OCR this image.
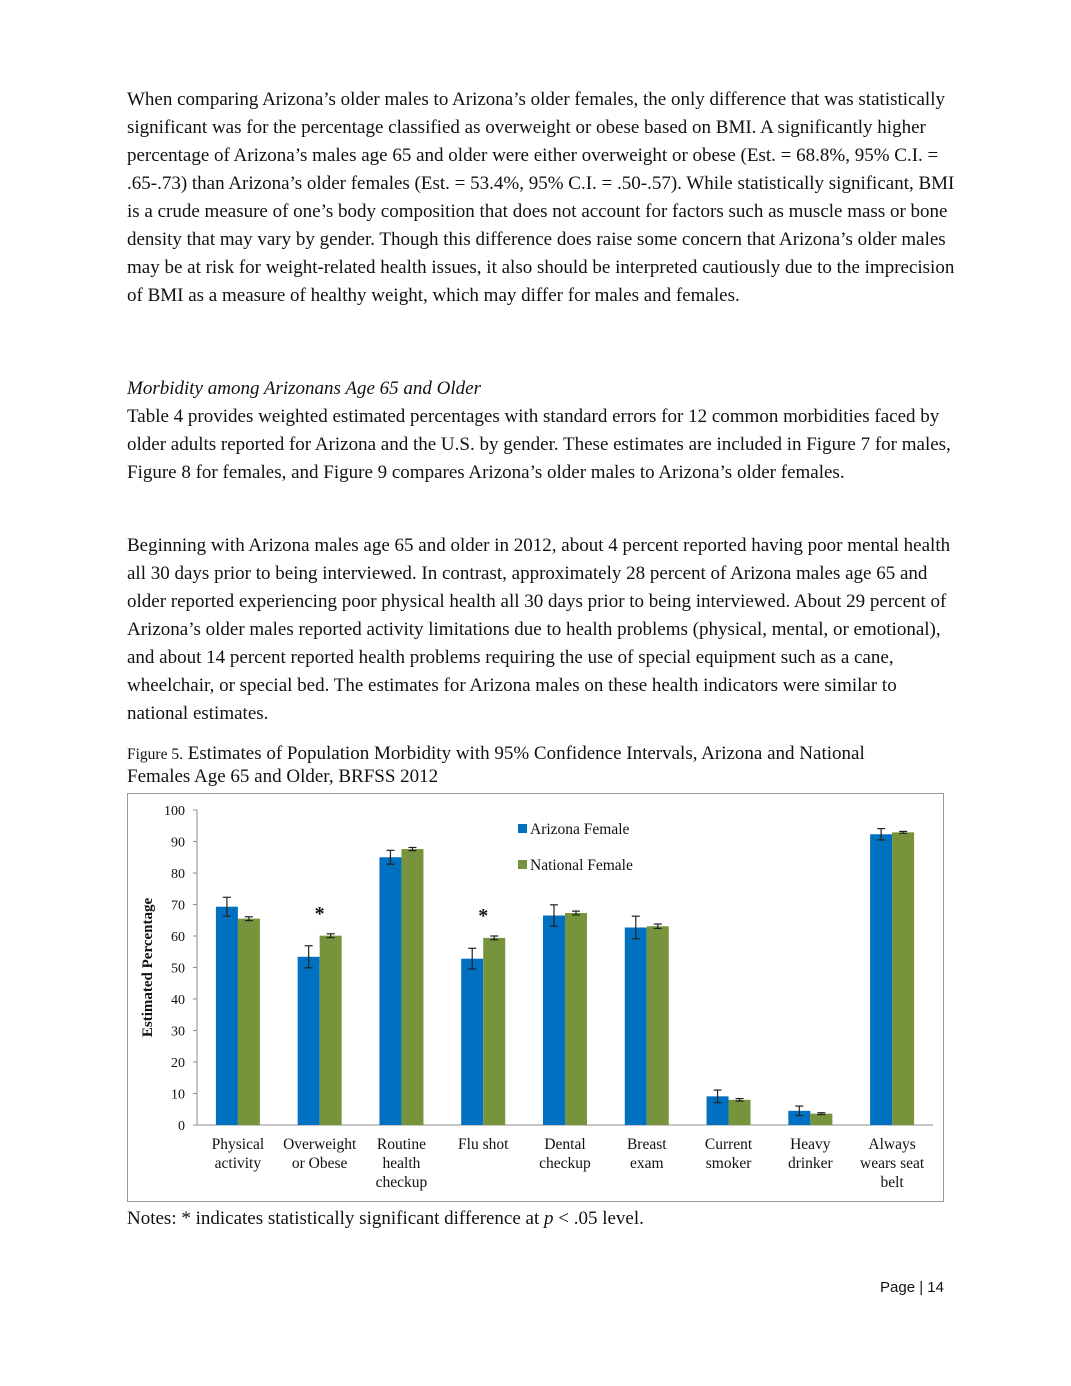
When comparing Arizona’s older males to Arizona’s older females, the only difference that was statistically significant was for the percentage classified as overweight or obese based on BMI. A significantly higher percentage of Arizona’s males age 65 and older were either overweight or obese (Est. = 68.8%, 95% C.I. = .65-.73) than Arizona’s older females (Est. = 53.4%, 95% C.I. = .50-.57). While statistically significant, BMI is a crude measure of one’s body composition that does not account for factors such as muscle mass or bone density that may vary by gender. Though this difference does raise some concern that Arizona’s older males may be at risk for weight-related health issues, it also should be interpreted cautiously due to the imprecision of BMI as a measure of healthy weight, which may differ for males and females.

Morbidity among Arizonans Age 65 and Older

Table 4 provides weighted estimated percentages with standard errors for 12 common morbidities faced by older adults reported for Arizona and the U.S. by gender. These estimates are included in Figure 7 for males, Figure 8 for females, and Figure 9 compares Arizona’s older males to Arizona’s older females.

Beginning with Arizona males age 65 and older in 2012, about 4 percent reported having poor mental health all 30 days prior to being interviewed. In contrast, approximately 28 percent of Arizona males age 65 and older reported experiencing poor physical health all 30 days prior to being interviewed. About 29 percent of Arizona’s older males reported activity limitations due to health problems (physical, mental, or emotional), and about 14 percent reported health problems requiring the use of special equipment such as a cane, wheelchair, or special bed. The estimates for Arizona males on these health indicators were similar to national estimates.

Figure 5. Estimates of Population Morbidity with 95% Confidence Intervals, Arizona and National Females Age 65 and Older, BRFSS 2012

0
10
20
30
40
50
60
70
80
90
100
Estimated Percentage
Physical
activity
*
Overweight
or Obese
Routine
health
checkup
*
Flu shot Dental
checkup
Breast
exam
Current
smoker
Heavy
drinker
Always
wears seat
belt
Arizona Female
National Female

Notes: * indicates statistically significant difference at p < .05 level.

Page | 14
